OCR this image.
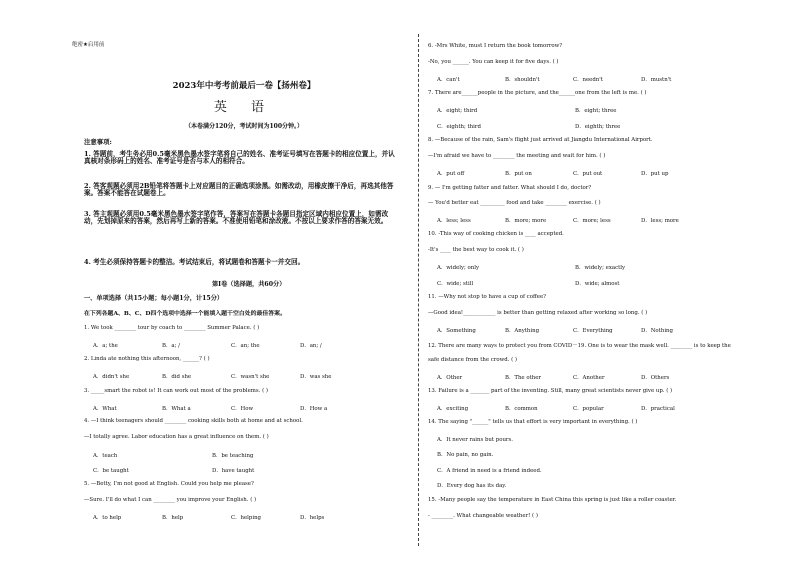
绝密★启用前
2023年中考考前最后一卷【扬州卷】
英 语
（本卷满分120分，考试时间为100分钟。）
注意事项:
1. 答题前，考生务必用0.5毫米黑色墨水签字笔将自己的姓名、准考证号填写在答题卡的相应位置上，并认真核对条形码上的姓名、准考证号是否与本人的相符合。
2. 答客观题必须用2B铅笔将答题卡上对应题目的正确选项涂黑。如需改动，用橡皮擦干净后，再选其他答案。答案不能答在试题卷上。
3. 答主观题必须用0.5毫米黑色墨水签字笔作答，答案写在答题卡各题目指定区域内相应位置上，如需改动，先划掉原来的答案，然后再写上新的答案。不准使用铅笔和涂改液。不按以上要求作答的答案无效。
4. 考生必须保持答题卡的整洁。考试结束后，将试题卷和答题卡一并交回。
第Ⅰ卷（选择题，共60分）
一、单项选择（共15小题；每小题1分，计15分）
在下列各题A、B、C、D四个选项中选择一个能填入题干空白处的最佳答案。
1. We took ________ tour by coach to ________ Summer Palace. ( )
A．a; the	B．a; /	C．an; the	D．an; /
2. Linda ate nothing this afternoon, ______? ( )
A．didn't she	B．did she	C．wasn't she	D．was she
3. _____smart the robot is! It can work out most of the problems. ( )
A．What	B．What a	C．How	D．How a
4. —I think teenagers should ________ cooking skills both at home and at school.
—I totally agree. Labor education has a great influence on them. ( )
A．teach	B．be teaching
C．be taught	D．have taught
5. —Betty, I'm not good at English. Could you help me please?
—Sure. I'll do what I can ________ you improve your English. ( )
A．to help	B．help	C．helping	D．helps
6. -Mrs White, must I return the book tomorrow?
-No, you ______. You can keep it for five days. ( )
A．can't	B．shouldn't	C．needn't	D．mustn't
7. There are______people in the picture, and the______one from the left is me. ( )
A．eight; third	B．eight; three
C．eighth; third	D．eighth; three
8. —Because of the rain, Sam's flight just arrived at Jiangdu International Airport.
—I'm afraid we have to ________ the meeting and wait for him. ( )
A．put off	B．put on	C．put out	D．put up
9. — I'm getting fatter and fatter. What should I do, doctor?
— You'd better eat _________ food and take ________ exercise. ( )
A．less; less	B．more; more	C．more; less	D．less; more
10. -This way of cooking chicken is ____ accepted.
-It's ____ the best way to cook it. ( )
A．widely; only	B．widely; exactly
C．wide; still	D．wide; almost
11. —Why not stop to have a cup of coffee?
—Good idea!____________ is better than getting relaxed after working so long. ( )
A．Something	B．Anything	C．Everything	D．Nothing
12. There are many ways to protect you from COVID－19. One is to wear the mask well. ________ is to keep the
safe distance from the crowd. ( )
A．Other	B．The other	C．Another	D．Others
13. Failure is a _______ part of the inventing. Still, many great scientists never give up. ( )
A．exciting	B．common	C．popular	D．practical
14. The saying "______" tells us that effort is very important in everything. ( )
A．It never rains but pours.
B．No pain, no gain.
C．A friend in need is a friend indeed.
D．Every dog has its day.
15. -Many people say the temperature in East China this spring is just like a roller coaster.
- ________. What changeable weather! ( )
